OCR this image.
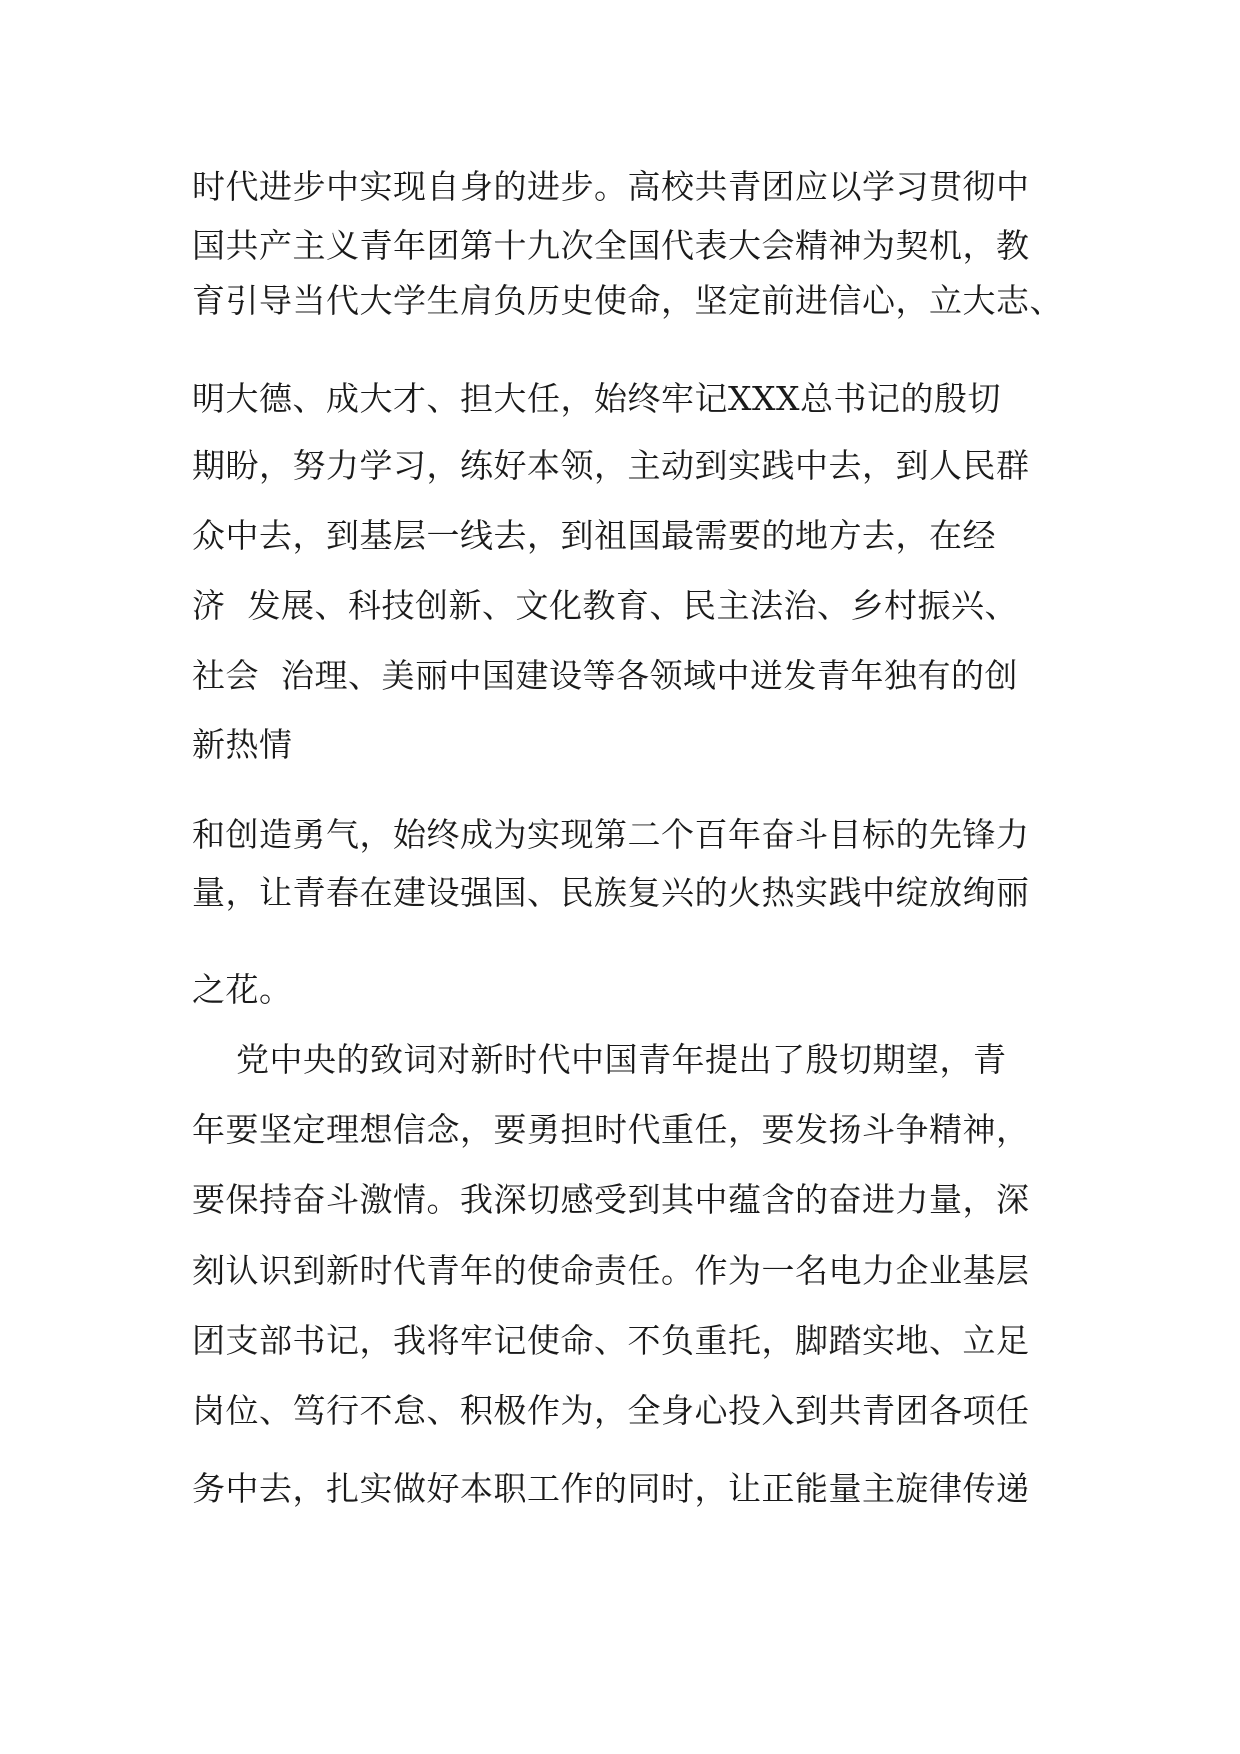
时代进步中实现自身的进步。高校共青团应以学习贯彻中

国共产主义青年团第十九次全国代表大会精神为契机，教

育引导当代大学生肩负历史使命，坚定前进信心，立大志、

明大德、成大才、担大任，始终牢记XXX总书记的殷切

期盼，努力学习，练好本领，主动到实践中去，到人民群

众中去，到基层一线去，到祖国最需要的地方去，在经

济  发展、科技创新、文化教育、民主法治、乡村振兴、

社会  治理、美丽中国建设等各领域中迸发青年独有的创

新热情

和创造勇气，始终成为实现第二个百年奋斗目标的先锋力

量，让青春在建设强国、民族复兴的火热实践中绽放绚丽

之花。

党中央的致词对新时代中国青年提出了殷切期望，青

年要坚定理想信念，要勇担时代重任，要发扬斗争精神，

要保持奋斗激情。我深切感受到其中蕴含的奋进力量，深

刻认识到新时代青年的使命责任。作为一名电力企业基层

团支部书记，我将牢记使命、不负重托，脚踏实地、立足

岗位、笃行不怠、积极作为，全身心投入到共青团各项任

务中去，扎实做好本职工作的同时，让正能量主旋律传递
